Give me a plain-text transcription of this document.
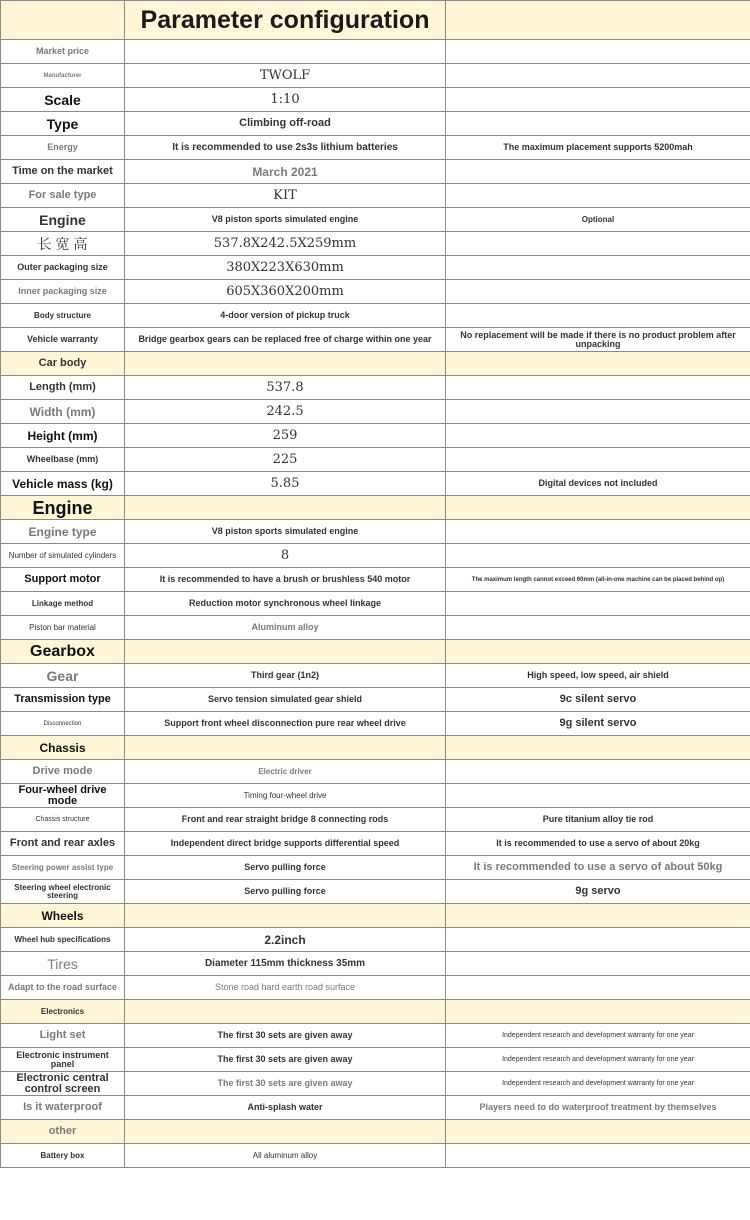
	Parameter configuration	
Market price		
Manufacturer	TWOLF	
Scale	1:10	
Type	Climbing off-road	
Energy	It is recommended to use 2s3s lithium batteries	The maximum placement supports 5200mah
Time on the market	March 2021	
For sale type	KIT	
Engine	V8 piston sports simulated engine	Optional
长 宽 高	537.8X242.5X259mm	
Outer packaging size	380X223X630mm	
Inner packaging size	605X360X200mm	
Body structure	4-door version of pickup truck	
Vehicle warranty	Bridge gearbox gears can be replaced free of charge within one year	No replacement will be made if there is no product problem after unpacking
Car body		
Length (mm)	537.8	
Width (mm)	242.5	
Height (mm)	259	
Wheelbase (mm)	225	
Vehicle mass (kg)	5.85	Digital devices not included
Engine		
Engine type	V8 piston sports simulated engine	
Number of simulated cylinders	8	
Support motor	It is recommended to have a brush or brushless 540 motor	The maximum length cannot exceed 60mm (all-in-one machine can be placed behind op)
Linkage method	Reduction motor synchronous wheel linkage	
Piston bar material	Aluminum alloy	
Gearbox		
Gear	Third gear (1n2)	High speed, low speed, air shield
Transmission type	Servo tension simulated gear shield	9c silent servo
Disconnection	Support front wheel disconnection pure rear wheel drive	9g silent servo
Chassis		
Drive mode	Electric driver	
Four-wheel drive mode	Timing four-wheel drive	
Chassis structure	Front and rear straight bridge 8 connecting rods	Pure titanium alloy tie rod
Front and rear axles	Independent direct bridge supports differential speed	It is recommended to use a servo of about 20kg
Steering power assist type	Servo pulling force	It is recommended to use a servo of about 50kg
Steering wheel electronic steering	Servo pulling force	9g servo
Wheels		
Wheel hub specifications	2.2inch	
Tires	Diameter 115mm thickness 35mm	
Adapt to the road surface	Stone road hard earth road surface	
Electronics		
Light set	The first 30 sets are given away	Independent research and development warranty for one year
Electronic instrument panel	The first 30 sets are given away	Independent research and development warranty for one year
Electronic central control screen	The first 30 sets are given away	Independent research and development warranty for one year
Is it waterproof	Anti-splash water	Players need to do waterproof treatment by themselves
other		
Battery box	All aluminum alloy	
